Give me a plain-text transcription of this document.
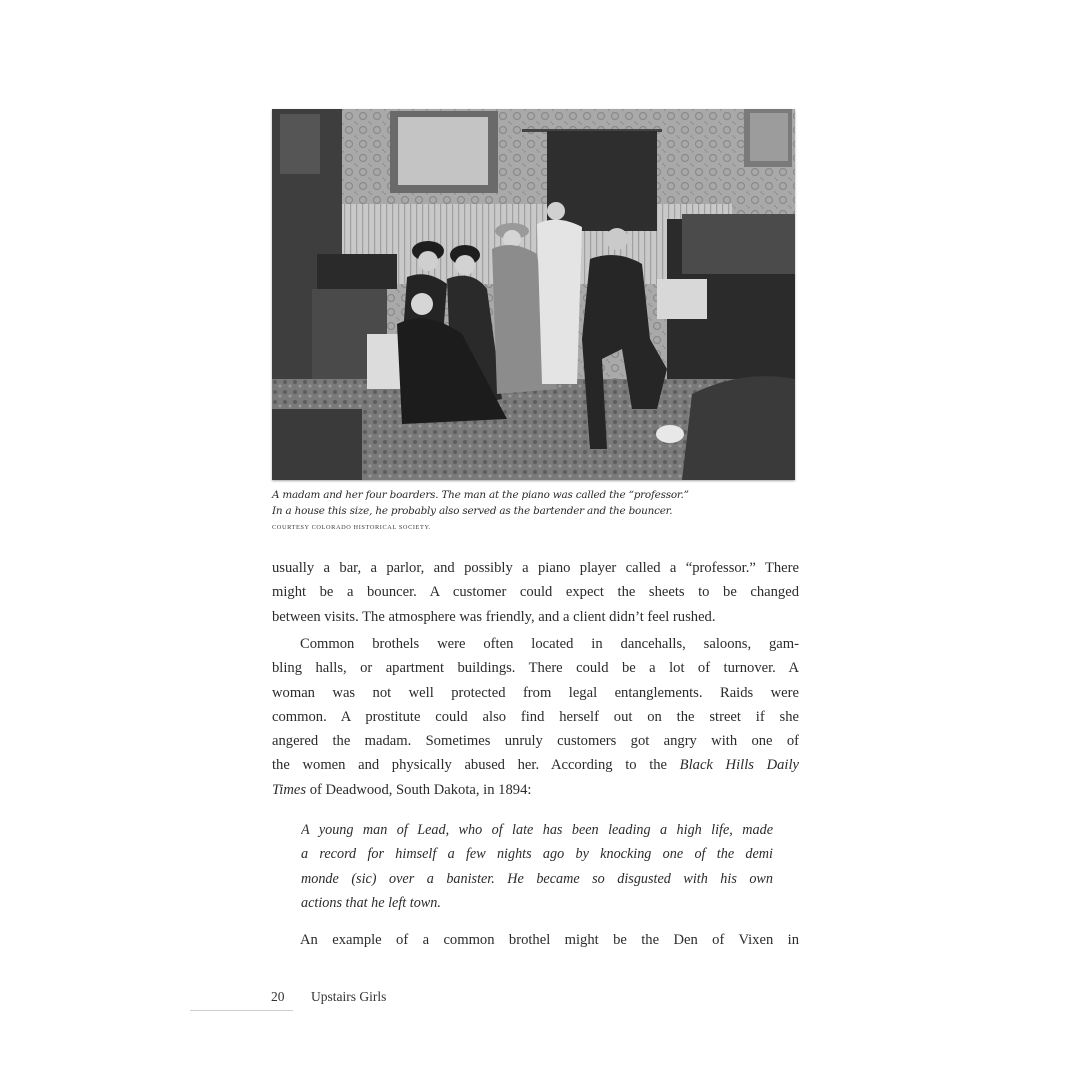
A madam and her four boarders. The man at the piano was called the “professor.”
In a house this size, he probably also served as the bartender and the bouncer.
COURTESY COLORADO HISTORICAL SOCIETY.
usually a bar, a parlor, and possibly a piano player called a “professor.” There
might be a bouncer. A customer could expect the sheets to be changed
between visits. The atmosphere was friendly, and a client didn’t feel rushed.
Common brothels were often located in dancehalls, saloons, gam-
bling halls, or apartment buildings. There could be a lot of turnover. A
woman was not well protected from legal entanglements. Raids were
common. A prostitute could also find herself out on the street if she
angered the madam. Sometimes unruly customers got angry with one of
the women and physically abused her. According to the Black Hills Daily
Times of Deadwood, South Dakota, in 1894:
A young man of Lead, who of late has been leading a high life, made
a record for himself a few nights ago by knocking one of the demi
monde (sic) over a banister. He became so disgusted with his own
actions that he left town.
An example of a common brothel might be the Den of Vixen in
20 Upstairs Girls
